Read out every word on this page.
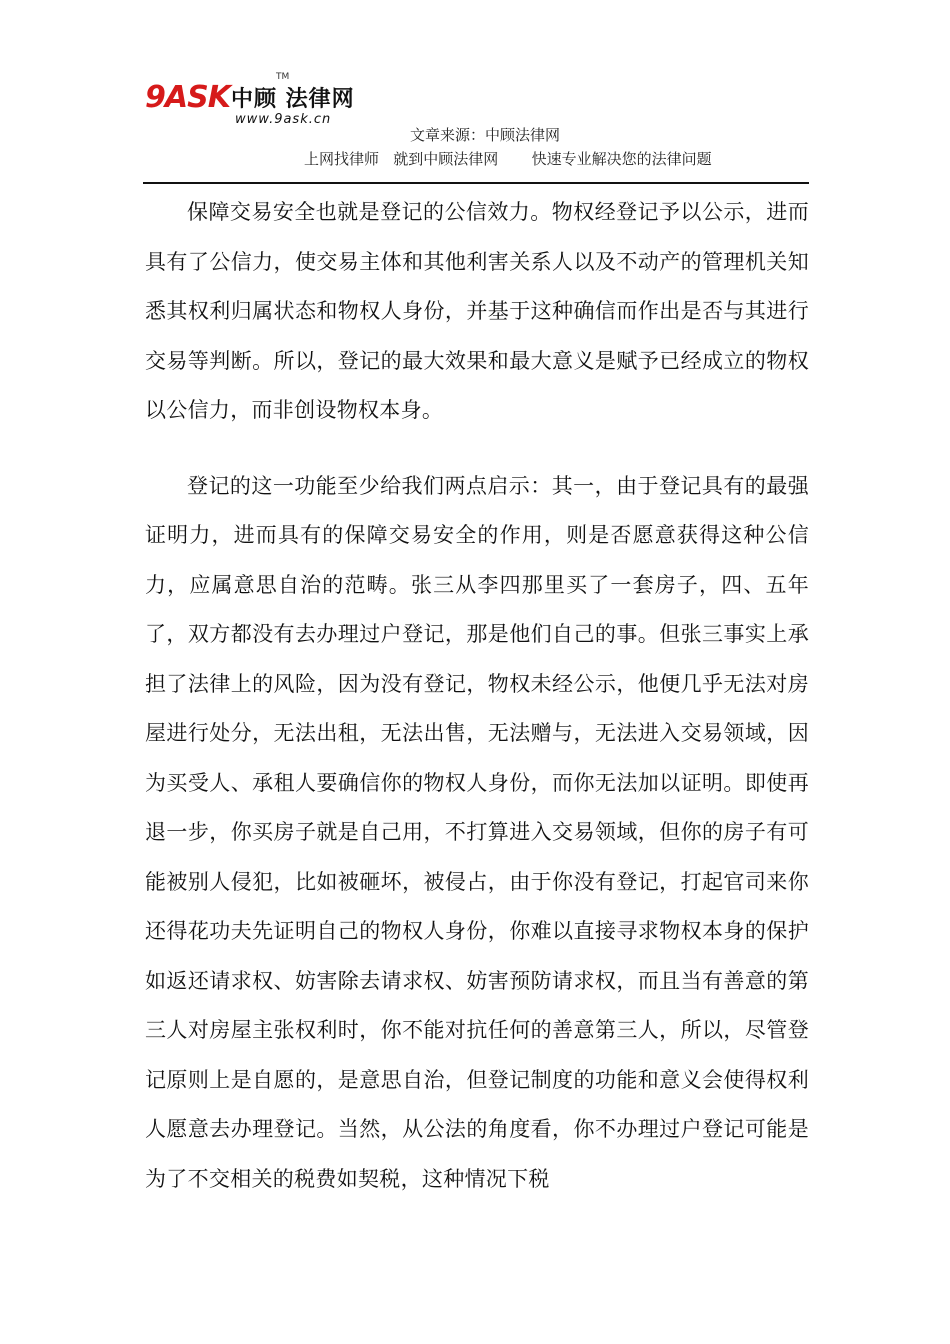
9ASK 中顾 法律网
TM
www.9ask.cn
文章来源：中顾法律网
上网找律师   就到中顾法律网       快速专业解决您的法律问题

保障交易安全也就是登记的公信效力。物权经登记予以公示，进而具有了公信力，使交易主体和其他利害关系人以及不动产的管理机关知悉其权利归属状态和物权人身份，并基于这种确信而作出是否与其进行交易等判断。所以，登记的最大效果和最大意义是赋予已经成立的物权以公信力，而非创设物权本身。

登记的这一功能至少给我们两点启示：其一，由于登记具有的最强证明力，进而具有的保障交易安全的作用，则是否愿意获得这种公信力，应属意思自治的范畴。张三从李四那里买了一套房子，四、五年了，双方都没有去办理过户登记，那是他们自己的事。但张三事实上承担了法律上的风险，因为没有登记，物权未经公示，他便几乎无法对房屋进行处分，无法出租，无法出售，无法赠与，无法进入交易领域，因为买受人、承租人要确信你的物权人身份，而你无法加以证明。即使再退一步，你买房子就是自己用，不打算进入交易领域，但你的房子有可能被别人侵犯，比如被砸坏，被侵占，由于你没有登记，打起官司来你还得花功夫先证明自己的物权人身份，你难以直接寻求物权本身的保护如返还请求权、妨害除去请求权、妨害预防请求权，而且当有善意的第三人对房屋主张权利时，你不能对抗任何的善意第三人，所以，尽管登记原则上是自愿的，是意思自治，但登记制度的功能和意义会使得权利人愿意去办理登记。当然，从公法的角度看，你不办理过户登记可能是为了不交相关的税费如契税，这种情况下税
